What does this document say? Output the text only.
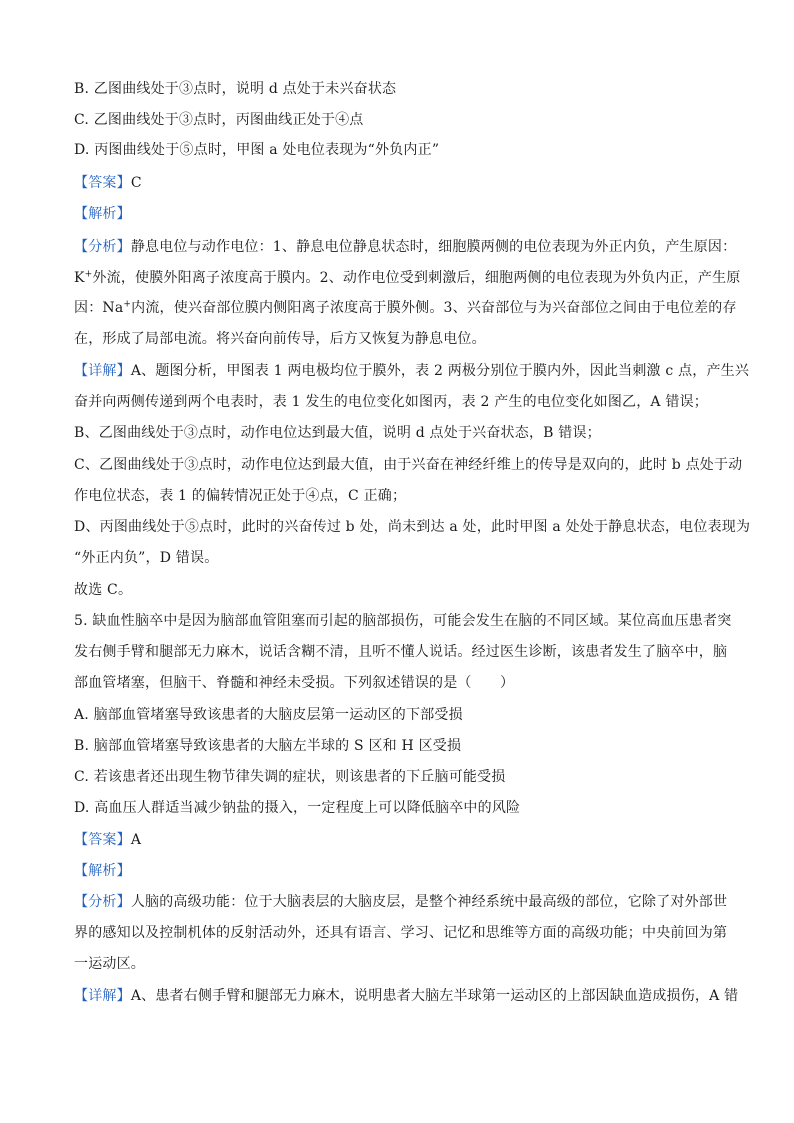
B. 乙图曲线处于③点时，说明 d 点处于未兴奋状态
C. 乙图曲线处于③点时，丙图曲线正处于④点
D. 丙图曲线处于⑤点时，甲图 a 处电位表现为“外负内正”
【答案】C
【解析】
【分析】静息电位与动作电位：1、静息电位静息状态时，细胞膜两侧的电位表现为外正内负，产生原因：
K+外流，使膜外阳离子浓度高于膜内。2、动作电位受到刺激后，细胞两侧的电位表现为外负内正，产生原
因：Na+内流，使兴奋部位膜内侧阳离子浓度高于膜外侧。3、兴奋部位与为兴奋部位之间由于电位差的存
在，形成了局部电流。将兴奋向前传导，后方又恢复为静息电位。
【详解】A、题图分析，甲图表 1 两电极均位于膜外，表 2 两极分别位于膜内外，因此当刺激 c 点，产生兴
奋并向两侧传递到两个电表时，表 1 发生的电位变化如图丙，表 2 产生的电位变化如图乙，A 错误；
B、乙图曲线处于③点时，动作电位达到最大值，说明 d 点处于兴奋状态，B 错误；
C、乙图曲线处于③点时，动作电位达到最大值，由于兴奋在神经纤维上的传导是双向的，此时 b 点处于动
作电位状态，表 1 的偏转情况正处于④点，C 正确；
D、丙图曲线处于⑤点时，此时的兴奋传过 b 处，尚未到达 a 处，此时甲图 a 处处于静息状态，电位表现为
“外正内负”，D 错误。
故选 C。
5. 缺血性脑卒中是因为脑部血管阻塞而引起的脑部损伤，可能会发生在脑的不同区域。某位高血压患者突
发右侧手臂和腿部无力麻木，说话含糊不清，且听不懂人说话。经过医生诊断，该患者发生了脑卒中，脑
部血管堵塞，但脑干、脊髓和神经未受损。下列叙述错误的是（　　）
A. 脑部血管堵塞导致该患者的大脑皮层第一运动区的下部受损
B. 脑部血管堵塞导致该患者的大脑左半球的 S 区和 H 区受损
C. 若该患者还出现生物节律失调的症状，则该患者的下丘脑可能受损
D. 高血压人群适当减少钠盐的摄入，一定程度上可以降低脑卒中的风险
【答案】A
【解析】
【分析】人脑的高级功能：位于大脑表层的大脑皮层，是整个神经系统中最高级的部位，它除了对外部世
界的感知以及控制机体的反射活动外，还具有语言、学习、记忆和思维等方面的高级功能；中央前回为第
一运动区。
【详解】A、患者右侧手臂和腿部无力麻木，说明患者大脑左半球第一运动区的上部因缺血造成损伤，A 错
